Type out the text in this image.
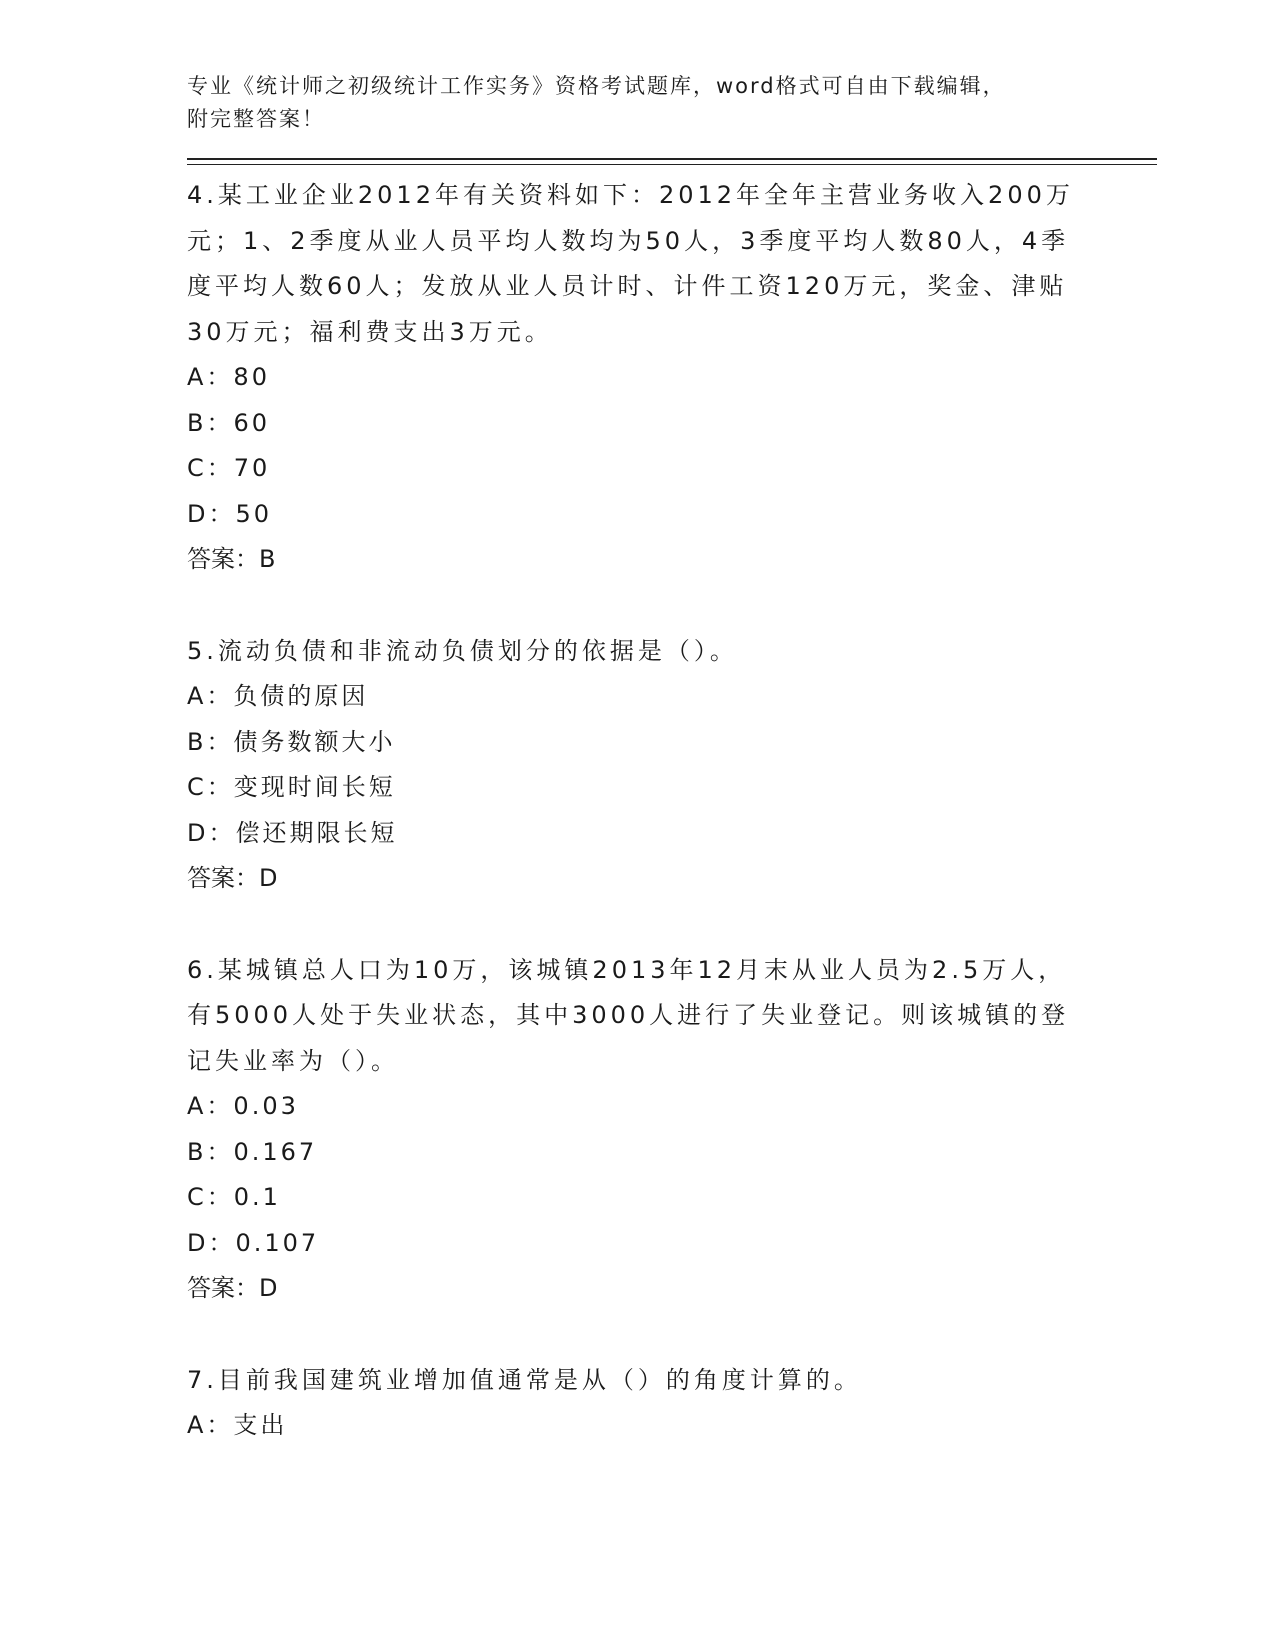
专业《统计师之初级统计工作实务》资格考试题库，word格式可自由下载编辑，

附完整答案！

4.某工业企业2012年有关资料如下：2012年全年主营业务收入200万元；1、2季度从业人员平均人数均为50人，3季度平均人数80人，4季度平均人数60人；发放从业人员计时、计件工资120万元，奖金、津贴30万元；福利费支出3万元。

A： 80

B： 60

C： 70

D： 50

答案：B

5.流动负债和非流动负债划分的依据是（）。

A： 负债的原因

B： 债务数额大小

C： 变现时间长短

D： 偿还期限长短

答案：D

6.某城镇总人口为10万，该城镇2013年12月末从业人员为2.5万人，有5000人处于失业状态，其中3000人进行了失业登记。则该城镇的登记失业率为（）。

A： 0.03

B： 0.167

C： 0.1

D： 0.107

答案：D

7.目前我国建筑业增加值通常是从（）的角度计算的。

A： 支出
